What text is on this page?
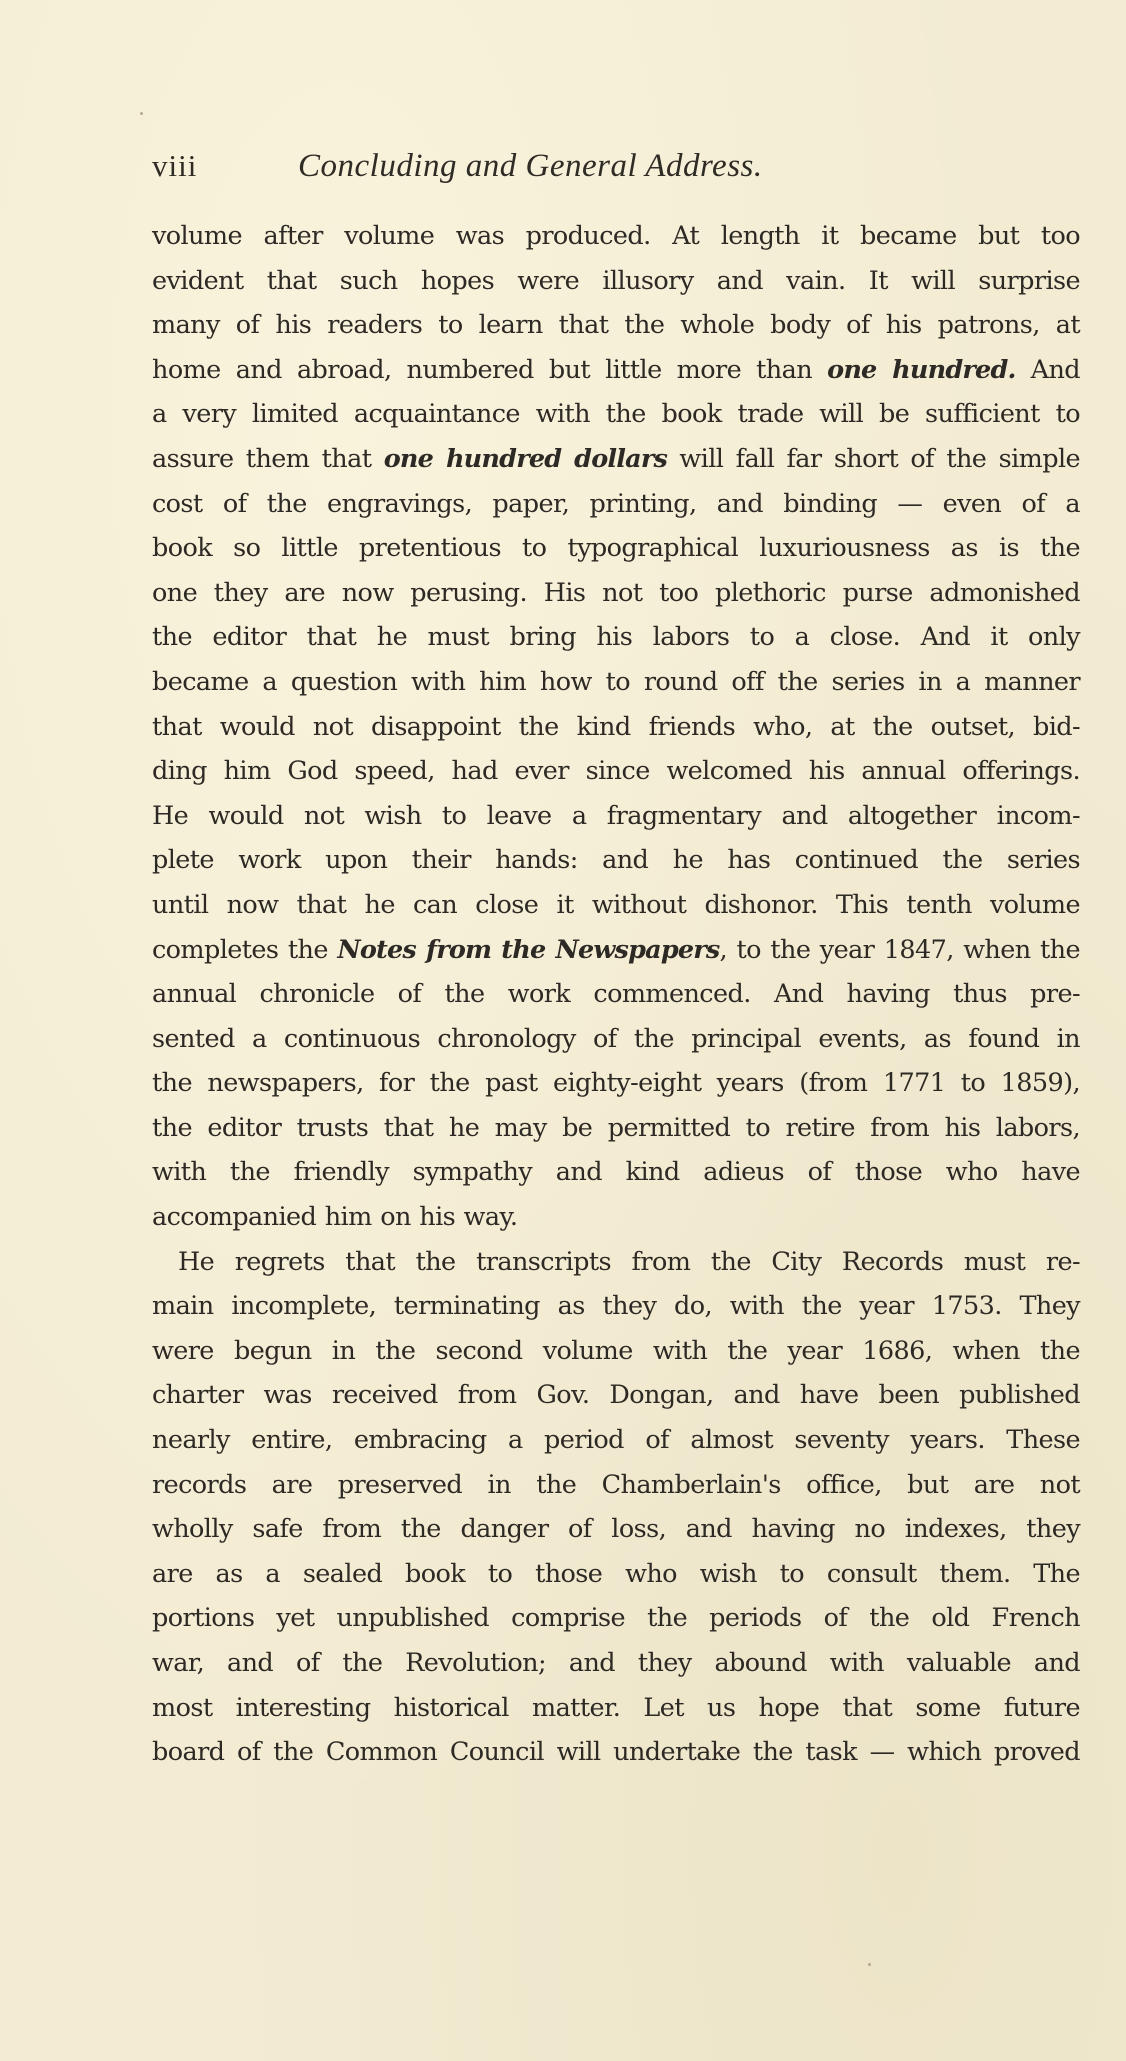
viii	Concluding and General Address.
volume after volume was produced. At length it became but too
evident that such hopes were illusory and vain. It will surprise
many of his readers to learn that the whole body of his patrons, at
home and abroad, numbered but little more than one hundred. And
a very limited acquaintance with the book trade will be sufficient to
assure them that one hundred dollars will fall far short of the simple
cost of the engravings, paper, printing, and binding — even of a
book so little pretentious to typographical luxuriousness as is the
one they are now perusing. His not too plethoric purse admonished
the editor that he must bring his labors to a close. And it only
became a question with him how to round off the series in a manner
that would not disappoint the kind friends who, at the outset, bid-
ding him God speed, had ever since welcomed his annual offerings.
He would not wish to leave a fragmentary and altogether incom-
plete work upon their hands: and he has continued the series
until now that he can close it without dishonor. This tenth volume
completes the Notes from the Newspapers, to the year 1847, when the
annual chronicle of the work commenced. And having thus pre-
sented a continuous chronology of the principal events, as found in
the newspapers, for the past eighty-eight years (from 1771 to 1859),
the editor trusts that he may be permitted to retire from his labors,
with the friendly sympathy and kind adieus of those who have
accompanied him on his way.
He regrets that the transcripts from the City Records must re-
main incomplete, terminating as they do, with the year 1753. They
were begun in the second volume with the year 1686, when the
charter was received from Gov. Dongan, and have been published
nearly entire, embracing a period of almost seventy years. These
records are preserved in the Chamberlain's office, but are not
wholly safe from the danger of loss, and having no indexes, they
are as a sealed book to those who wish to consult them. The
portions yet unpublished comprise the periods of the old French
war, and of the Revolution; and they abound with valuable and
most interesting historical matter. Let us hope that some future
board of the Common Council will undertake the task — which proved
